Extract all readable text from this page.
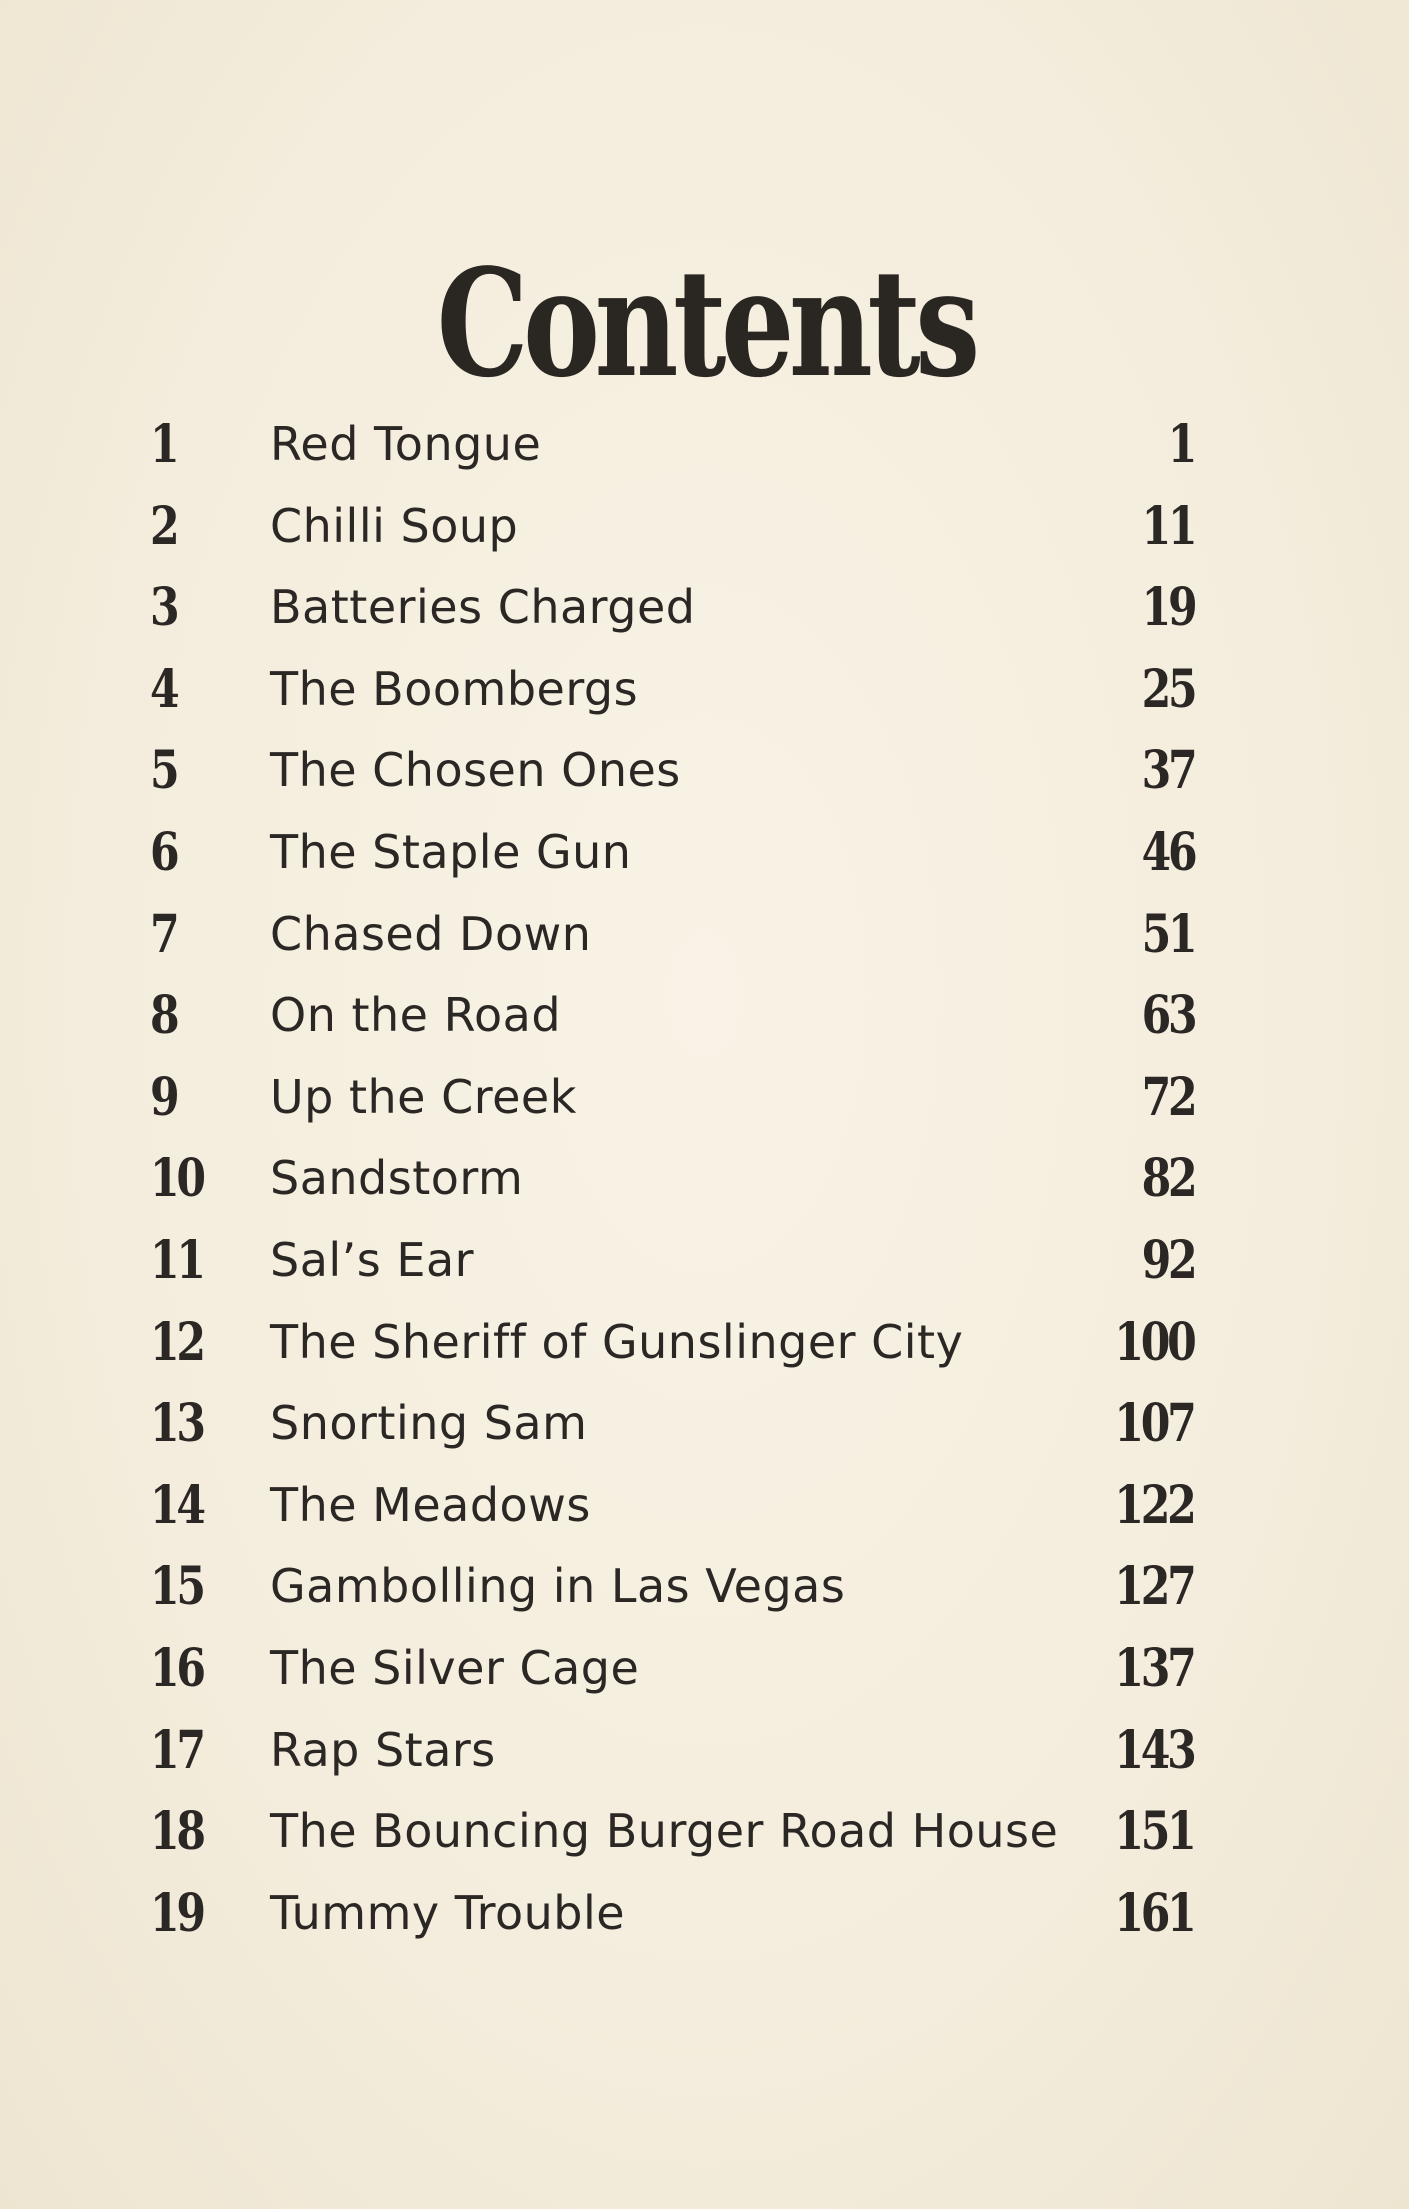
Contents
1 Red Tongue	1
2 Chilli Soup	11
3 Batteries Charged	19
4 The Boombergs	25
5 The Chosen Ones	37
6 The Staple Gun	46
7 Chased Down	51
8 On the Road	63
9 Up the Creek	72
10 Sandstorm	82
11 Sal’s Ear	92
12 The Sheriff of Gunslinger City	100
13 Snorting Sam	107
14 The Meadows	122
15 Gambolling in Las Vegas	127
16 The Silver Cage	137
17 Rap Stars	143
18 The Bouncing Burger Road House 151
19 Tummy Trouble	161
